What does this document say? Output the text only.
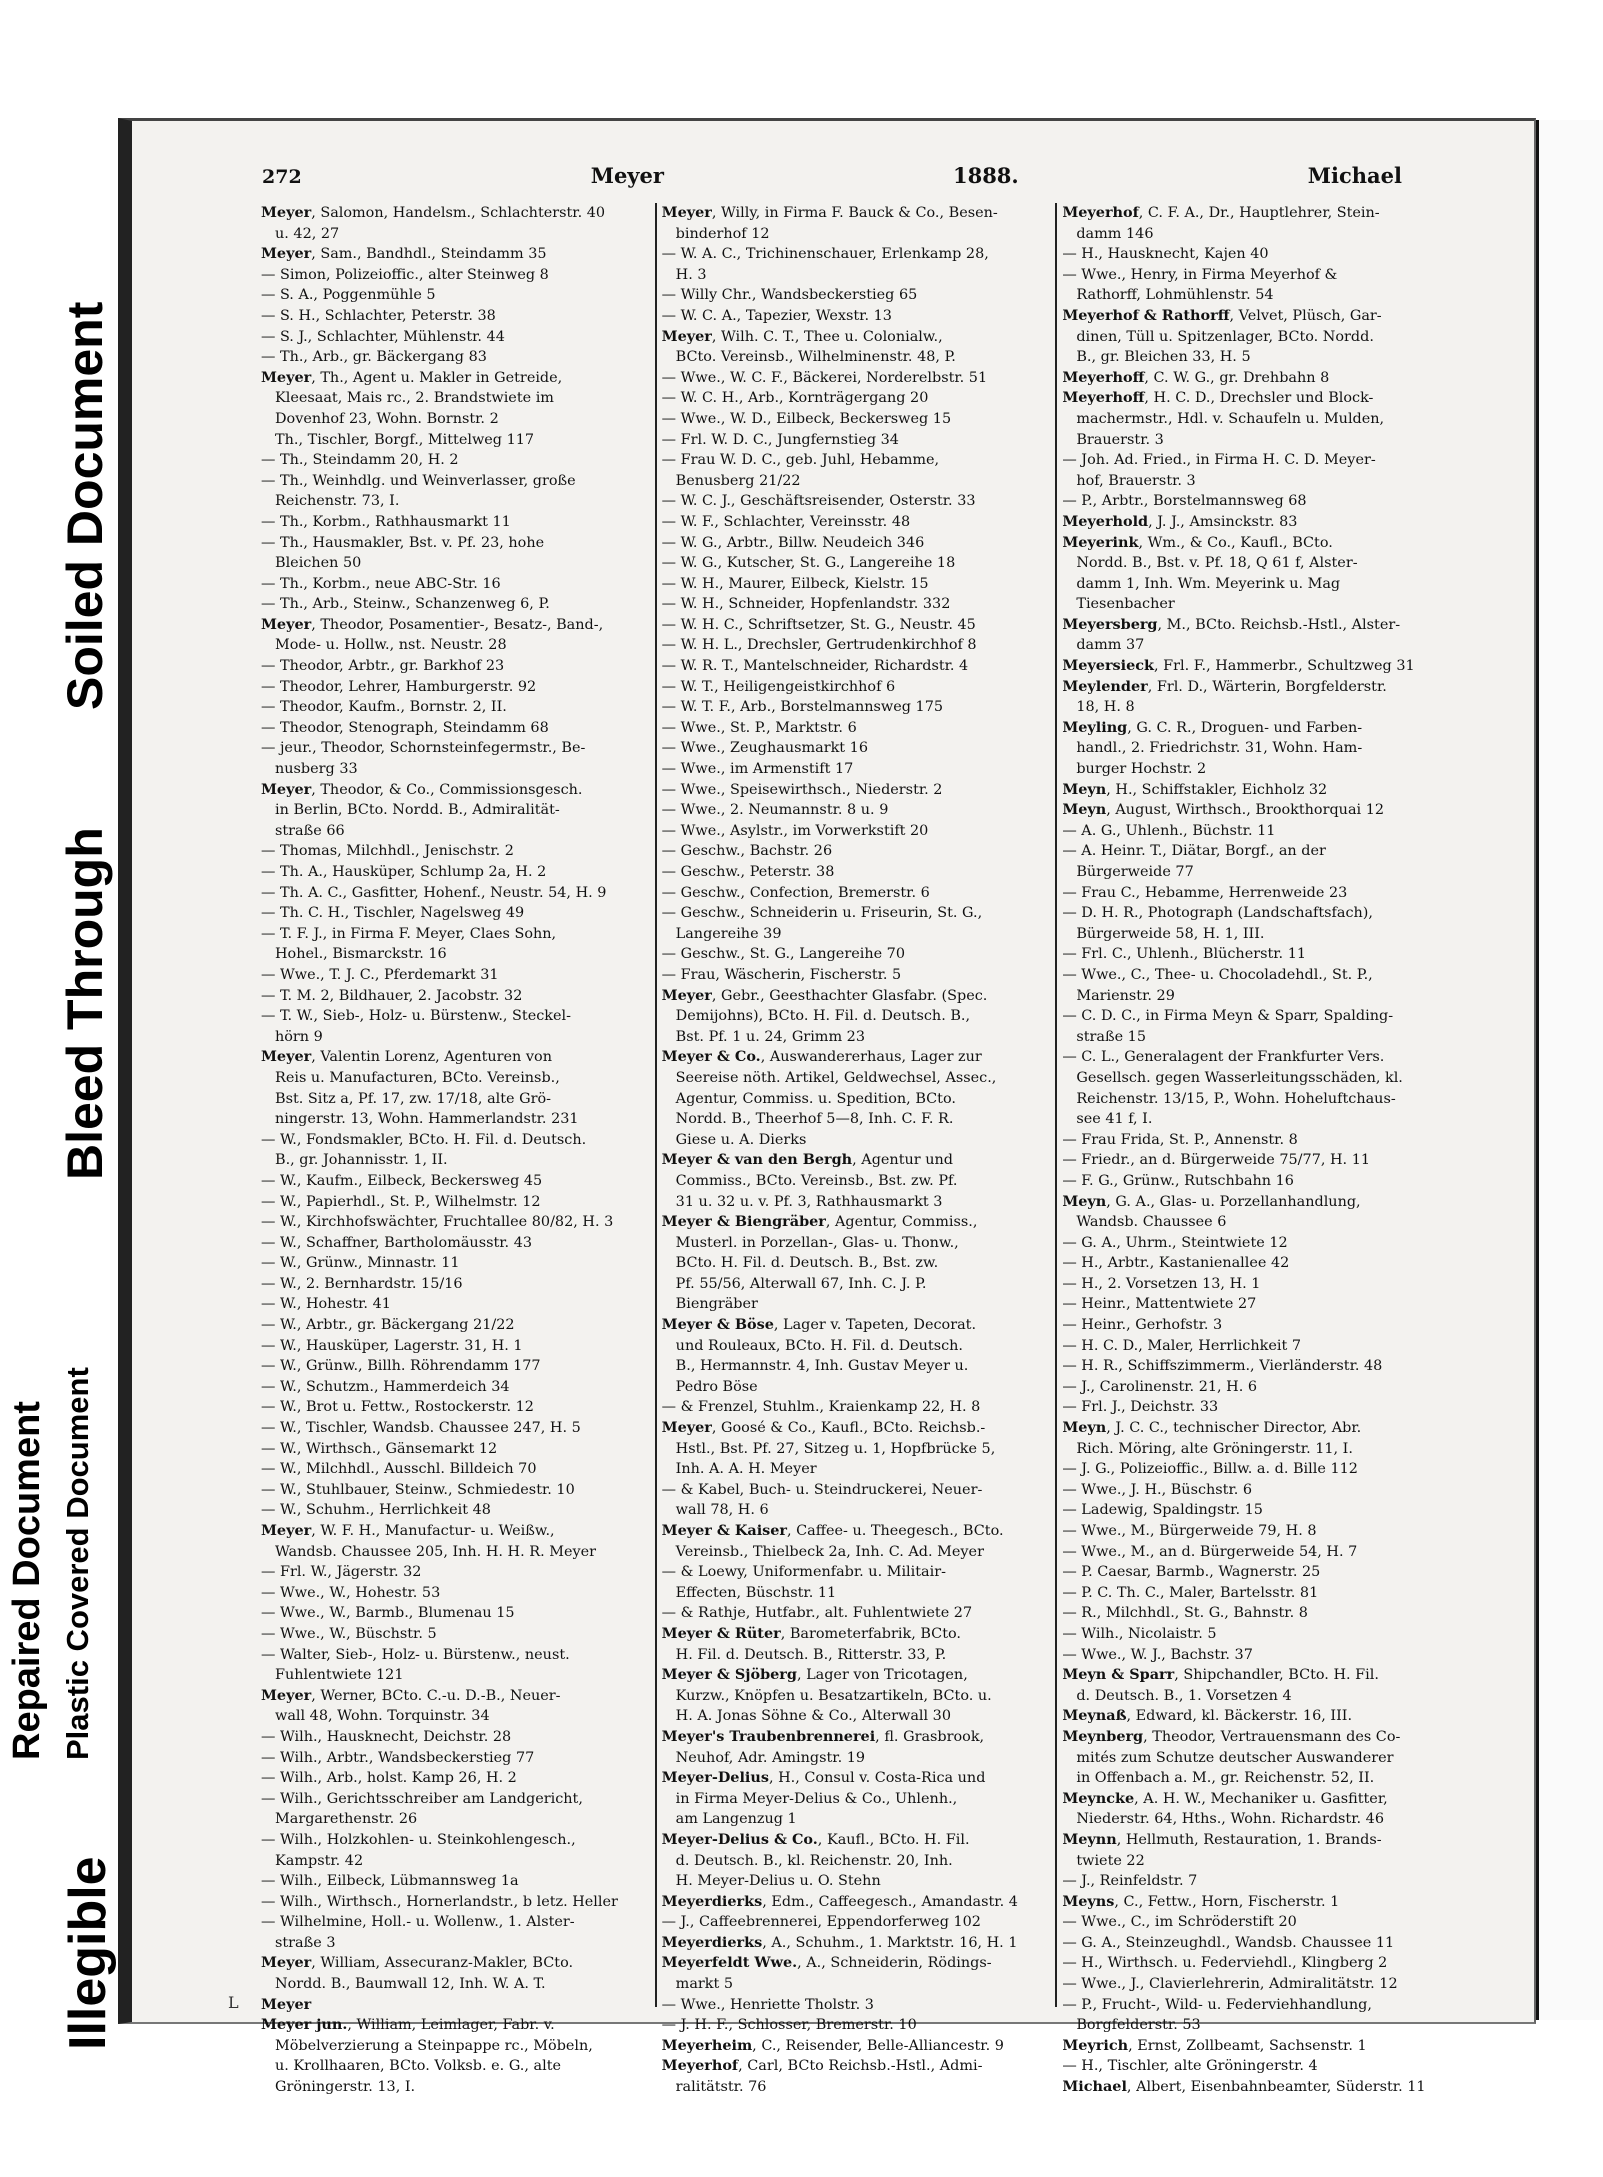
Repaired Document Plastic Covered Document
Bleed Through
Soiled Document
Illegible
272	Meyer	1888.	Michael

Meyer, Salomon, Handelsm., Schlachterstr. 40

u. 42, 27

Meyer, Sam., Bandhdl., Steindamm 35

— Simon, Polizeioffic., alter Steinweg 8

— S. A., Poggenmühle 5

— S. H., Schlachter, Peterstr. 38

— S. J., Schlachter, Mühlenstr. 44

— Th., Arb., gr. Bäckergang 83

Meyer, Th., Agent u. Makler in Getreide,

Kleesaat, Mais rc., 2. Brandstwiete im

Dovenhof 23, Wohn. Bornstr. 2

Th., Tischler, Borgf., Mittelweg 117

— Th., Steindamm 20, H. 2

— Th., Weinhdlg. und Weinverlasser, große

Reichenstr. 73, I.

— Th., Korbm., Rathhausmarkt 11

— Th., Hausmakler, Bst. v. Pf. 23, hohe

Bleichen 50

— Th., Korbm., neue ABC-Str. 16

— Th., Arb., Steinw., Schanzenweg 6, P.

Meyer, Theodor, Posamentier-, Besatz-, Band-,

Mode- u. Hollw., nst. Neustr. 28

— Theodor, Arbtr., gr. Barkhof 23

— Theodor, Lehrer, Hamburgerstr. 92

— Theodor, Kaufm., Bornstr. 2, II.

— Theodor, Stenograph, Steindamm 68

— jeur., Theodor, Schornsteinfegermstr., Be-

nusberg 33

Meyer, Theodor, & Co., Commissionsgesch.

in Berlin, BCto. Nordd. B., Admiralität-

straße 66

— Thomas, Milchhdl., Jenischstr. 2

— Th. A., Hausküper, Schlump 2a, H. 2

— Th. A. C., Gasfitter, Hohenf., Neustr. 54, H. 9

— Th. C. H., Tischler, Nagelsweg 49

— T. F. J., in Firma F. Meyer, Claes Sohn,

Hohel., Bismarckstr. 16

— Wwe., T. J. C., Pferdemarkt 31

— T. M. 2, Bildhauer, 2. Jacobstr. 32

— T. W., Sieb-, Holz- u. Bürstenw., Steckel-

hörn 9

Meyer, Valentin Lorenz, Agenturen von

Reis u. Manufacturen, BCto. Vereinsb.,

Bst. Sitz a, Pf. 17, zw. 17/18, alte Grö-

ningerstr. 13, Wohn. Hammerlandstr. 231

— W., Fondsmakler, BCto. H. Fil. d. Deutsch.

B., gr. Johannisstr. 1, II.

— W., Kaufm., Eilbeck, Beckersweg 45

— W., Papierhdl., St. P., Wilhelmstr. 12

— W., Kirchhofswächter, Fruchtallee 80/82, H. 3

— W., Schaffner, Bartholomäusstr. 43

— W., Grünw., Minnastr. 11

— W., 2. Bernhardstr. 15/16

— W., Hohestr. 41

— W., Arbtr., gr. Bäckergang 21/22

— W., Hausküper, Lagerstr. 31, H. 1

— W., Grünw., Billh. Röhrendamm 177

— W., Schutzm., Hammerdeich 34

— W., Brot u. Fettw., Rostockerstr. 12

— W., Tischler, Wandsb. Chaussee 247, H. 5

— W., Wirthsch., Gänsemarkt 12

— W., Milchhdl., Ausschl. Billdeich 70

— W., Stuhlbauer, Steinw., Schmiedestr. 10

— W., Schuhm., Herrlichkeit 48

Meyer, W. F. H., Manufactur- u. Weißw.,

Wandsb. Chaussee 205, Inh. H. H. R. Meyer

— Frl. W., Jägerstr. 32

— Wwe., W., Hohestr. 53

— Wwe., W., Barmb., Blumenau 15

— Wwe., W., Büschstr. 5

— Walter, Sieb-, Holz- u. Bürstenw., neust.

Fuhlentwiete 121

Meyer, Werner, BCto. C.-u. D.-B., Neuer-

wall 48, Wohn. Torquinstr. 34

— Wilh., Hausknecht, Deichstr. 28

— Wilh., Arbtr., Wandsbeckerstieg 77

— Wilh., Arb., holst. Kamp 26, H. 2

— Wilh., Gerichtsschreiber am Landgericht,

Margarethenstr. 26

— Wilh., Holzkohlen- u. Steinkohlengesch.,

Kampstr. 42

— Wilh., Eilbeck, Lübmannsweg 1a

— Wilh., Wirthsch., Hornerlandstr., b letz. Heller

— Wilhelmine, Holl.- u. Wollenw., 1. Alster-

straße 3

Meyer, William, Assecuranz-Makler, BCto.

Nordd. B., Baumwall 12, Inh. W. A. T.

Meyer

Meyer jun., William, Leimlager, Fabr. v.

Möbelverzierung a Steinpappe rc., Möbeln,

u. Krollhaaren, BCto. Volksb. e. G., alte

Gröningerstr. 13, I.

Meyer, Willy, in Firma F. Bauck & Co., Besen-

binderhof 12

— W. A. C., Trichinenschauer, Erlenkamp 28,

H. 3

— Willy Chr., Wandsbeckerstieg 65

— W. C. A., Tapezier, Wexstr. 13

Meyer, Wilh. C. T., Thee u. Colonialw.,

BCto. Vereinsb., Wilhelminenstr. 48, P.

— Wwe., W. C. F., Bäckerei, Norderelbstr. 51

— W. C. H., Arb., Kornträgergang 20

— Wwe., W. D., Eilbeck, Beckersweg 15

— Frl. W. D. C., Jungfernstieg 34

— Frau W. D. C., geb. Juhl, Hebamme,

Benusberg 21/22

— W. C. J., Geschäftsreisender, Osterstr. 33

— W. F., Schlachter, Vereinsstr. 48

— W. G., Arbtr., Billw. Neudeich 346

— W. G., Kutscher, St. G., Langereihe 18

— W. H., Maurer, Eilbeck, Kielstr. 15

— W. H., Schneider, Hopfenlandstr. 332

— W. H. C., Schriftsetzer, St. G., Neustr. 45

— W. H. L., Drechsler, Gertrudenkirchhof 8

— W. R. T., Mantelschneider, Richardstr. 4

— W. T., Heiligengeistkirchhof 6

— W. T. F., Arb., Borstelmannsweg 175

— Wwe., St. P., Marktstr. 6

— Wwe., Zeughausmarkt 16

— Wwe., im Armenstift 17

— Wwe., Speisewirthsch., Niederstr. 2

— Wwe., 2. Neumannstr. 8 u. 9

— Wwe., Asylstr., im Vorwerkstift 20

— Geschw., Bachstr. 26

— Geschw., Peterstr. 38

— Geschw., Confection, Bremerstr. 6

— Geschw., Schneiderin u. Friseurin, St. G.,

Langereihe 39

— Geschw., St. G., Langereihe 70

— Frau, Wäscherin, Fischerstr. 5

Meyer, Gebr., Geesthachter Glasfabr. (Spec.

Demijohns), BCto. H. Fil. d. Deutsch. B.,

Bst. Pf. 1 u. 24, Grimm 23

Meyer & Co., Auswandererhaus, Lager zur

Seereise nöth. Artikel, Geldwechsel, Assec.,

Agentur, Commiss. u. Spedition, BCto.

Nordd. B., Theerhof 5—8, Inh. C. F. R.

Giese u. A. Dierks

Meyer & van den Bergh, Agentur und

Commiss., BCto. Vereinsb., Bst. zw. Pf.

31 u. 32 u. v. Pf. 3, Rathhausmarkt 3

Meyer & Biengräber, Agentur, Commiss.,

Musterl. in Porzellan-, Glas- u. Thonw.,

BCto. H. Fil. d. Deutsch. B., Bst. zw.

Pf. 55/56, Alterwall 67, Inh. C. J. P.

Biengräber

Meyer & Böse, Lager v. Tapeten, Decorat.

und Rouleaux, BCto. H. Fil. d. Deutsch.

B., Hermannstr. 4, Inh. Gustav Meyer u.

Pedro Böse

— & Frenzel, Stuhlm., Kraienkamp 22, H. 8

Meyer, Goosé & Co., Kaufl., BCto. Reichsb.-

Hstl., Bst. Pf. 27, Sitzeg u. 1, Hopfbrücke 5,

Inh. A. A. H. Meyer

— & Kabel, Buch- u. Steindruckerei, Neuer-

wall 78, H. 6

Meyer & Kaiser, Caffee- u. Theegesch., BCto.

Vereinsb., Thielbeck 2a, Inh. C. Ad. Meyer

— & Loewy, Uniformenfabr. u. Militair-

Effecten, Büschstr. 11

— & Rathje, Hutfabr., alt. Fuhlentwiete 27

Meyer & Rüter, Barometerfabrik, BCto.

H. Fil. d. Deutsch. B., Ritterstr. 33, P.

Meyer & Sjöberg, Lager von Tricotagen,

Kurzw., Knöpfen u. Besatzartikeln, BCto. u.

H. A. Jonas Söhne & Co., Alterwall 30

Meyer's Traubenbrennerei, fl. Grasbrook,

Neuhof, Adr. Amingstr. 19

Meyer-Delius, H., Consul v. Costa-Rica und

in Firma Meyer-Delius & Co., Uhlenh.,

am Langenzug 1

Meyer-Delius & Co., Kaufl., BCto. H. Fil.

d. Deutsch. B., kl. Reichenstr. 20, Inh.

H. Meyer-Delius u. O. Stehn

Meyerdierks, Edm., Caffeegesch., Amandastr. 4

— J., Caffeebrennerei, Eppendorferweg 102

Meyerdierks, A., Schuhm., 1. Marktstr. 16, H. 1

Meyerfeldt Wwe., A., Schneiderin, Rödings-

markt 5

— Wwe., Henriette Tholstr. 3

— J. H. F., Schlosser, Bremerstr. 10

Meyerheim, C., Reisender, Belle-Alliancestr. 9

Meyerhof, Carl, BCto Reichsb.-Hstl., Admi-

ralitätstr. 76

Meyerhof, C. F. A., Dr., Hauptlehrer, Stein-

damm 146

— H., Hausknecht, Kajen 40

— Wwe., Henry, in Firma Meyerhof &

Rathorff, Lohmühlenstr. 54

Meyerhof & Rathorff, Velvet, Plüsch, Gar-

dinen, Tüll u. Spitzenlager, BCto. Nordd.

B., gr. Bleichen 33, H. 5

Meyerhoff, C. W. G., gr. Drehbahn 8

Meyerhoff, H. C. D., Drechsler und Block-

machermstr., Hdl. v. Schaufeln u. Mulden,

Brauerstr. 3

— Joh. Ad. Fried., in Firma H. C. D. Meyer-

hof, Brauerstr. 3

— P., Arbtr., Borstelmannsweg 68

Meyerhold, J. J., Amsinckstr. 83

Meyerink, Wm., & Co., Kaufl., BCto.

Nordd. B., Bst. v. Pf. 18, Q 61 f, Alster-

damm 1, Inh. Wm. Meyerink u. Mag

Tiesenbacher

Meyersberg, M., BCto. Reichsb.-Hstl., Alster-

damm 37

Meyersieck, Frl. F., Hammerbr., Schultzweg 31

Meylender, Frl. D., Wärterin, Borgfelderstr.

18, H. 8

Meyling, G. C. R., Droguen- und Farben-

handl., 2. Friedrichstr. 31, Wohn. Ham-

burger Hochstr. 2

Meyn, H., Schiffstakler, Eichholz 32

Meyn, August, Wirthsch., Brookthorquai 12

— A. G., Uhlenh., Büchstr. 11

— A. Heinr. T., Diätar, Borgf., an der

Bürgerweide 77

— Frau C., Hebamme, Herrenweide 23

— D. H. R., Photograph (Landschaftsfach),

Bürgerweide 58, H. 1, III.

— Frl. C., Uhlenh., Blücherstr. 11

— Wwe., C., Thee- u. Chocoladehdl., St. P.,

Marienstr. 29

— C. D. C., in Firma Meyn & Sparr, Spalding-

straße 15

— C. L., Generalagent der Frankfurter Vers.

Gesellsch. gegen Wasserleitungsschäden, kl.

Reichenstr. 13/15, P., Wohn. Hoheluftchaus-

see 41 f, I.

— Frau Frida, St. P., Annenstr. 8

— Friedr., an d. Bürgerweide 75/77, H. 11

— F. G., Grünw., Rutschbahn 16

Meyn, G. A., Glas- u. Porzellanhandlung,

Wandsb. Chaussee 6

— G. A., Uhrm., Steintwiete 12

— H., Arbtr., Kastanienallee 42

— H., 2. Vorsetzen 13, H. 1

— Heinr., Mattentwiete 27

— Heinr., Gerhofstr. 3

— H. C. D., Maler, Herrlichkeit 7

— H. R., Schiffszimmerm., Vierländerstr. 48

— J., Carolinenstr. 21, H. 6

— Frl. J., Deichstr. 33

Meyn, J. C. C., technischer Director, Abr.

Rich. Möring, alte Gröningerstr. 11, I.

— J. G., Polizeioffic., Billw. a. d. Bille 112

— Wwe., J. H., Büschstr. 6

— Ladewig, Spaldingstr. 15

— Wwe., M., Bürgerweide 79, H. 8

— Wwe., M., an d. Bürgerweide 54, H. 7

— P. Caesar, Barmb., Wagnerstr. 25

— P. C. Th. C., Maler, Bartelsstr. 81

— R., Milchhdl., St. G., Bahnstr. 8

— Wilh., Nicolaistr. 5

— Wwe., W. J., Bachstr. 37

Meyn & Sparr, Shipchandler, BCto. H. Fil.

d. Deutsch. B., 1. Vorsetzen 4

Meynaß, Edward, kl. Bäckerstr. 16, III.

Meynberg, Theodor, Vertrauensmann des Co-

mités zum Schutze deutscher Auswanderer

in Offenbach a. M., gr. Reichenstr. 52, II.

Meyncke, A. H. W., Mechaniker u. Gasfitter,

Niederstr. 64, Hths., Wohn. Richardstr. 46

Meynn, Hellmuth, Restauration, 1. Brands-

twiete 22

— J., Reinfeldstr. 7

Meyns, C., Fettw., Horn, Fischerstr. 1

— Wwe., C., im Schröderstift 20

— G. A., Steinzeughdl., Wandsb. Chaussee 11

— H., Wirthsch. u. Federviehdl., Klingberg 2

— Wwe., J., Clavierlehrerin, Admiralitätstr. 12

— P., Frucht-, Wild- u. Federviehhandlung,

Borgfelderstr. 53

Meyrich, Ernst, Zollbeamt, Sachsenstr. 1

— H., Tischler, alte Gröningerstr. 4

Michael, Albert, Eisenbahnbeamter, Süderstr. 11

L
